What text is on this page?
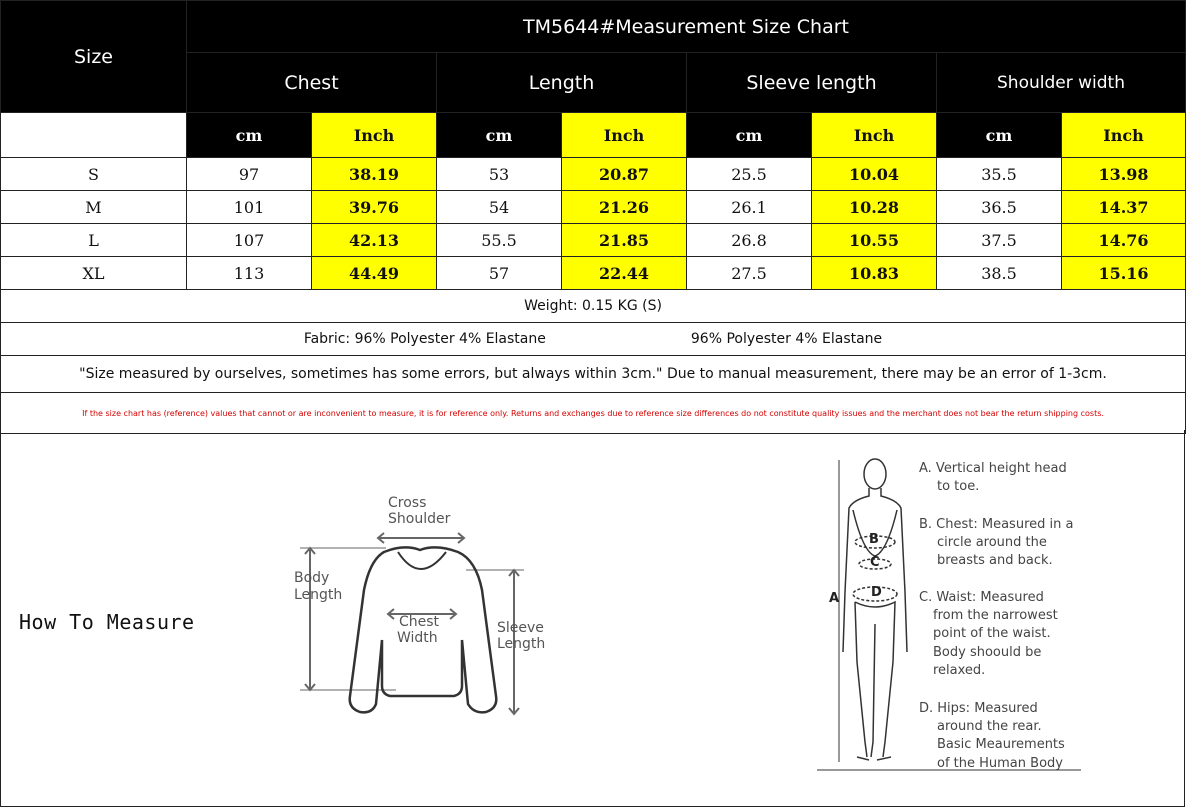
Size	TM5644#Measurement Size Chart							
	Chest		Length		Sleeve length		Shoulder width	
	cm	Inch	cm	Inch	cm	Inch	cm	Inch
S	97	38.19	53	20.87	25.5	10.04	35.5	13.98
M	101	39.76	54	21.26	26.1	10.28	36.5	14.37
L	107	42.13	55.5	21.85	26.8	10.55	37.5	14.76
XL	113	44.49	57	22.44	27.5	10.83	38.5	15.16
Weight: 0.15 KG (S)								

Fabric: 96% Polyester 4% Elastane 96% Polyester 4% Elastane								

"Size measured by ourselves, sometimes has some errors, but always within 3cm." Due to manual measurement, there may be an error of 1-3cm.								
If the size chart has (reference) values that cannot or are inconvenient to measure, it is for reference only. Returns and exchanges due to reference size differences do not constitute quality issues and the merchant does not bear the return shipping costs.								
How To Measure
Cross
Shoulder
Body
Length
Chest
Width
Sleeve
Length
B
C
D
A
A. Vertical height head
to toe.
B. Chest: Measured in a
circle around the
breasts and back.
C. Waist: Measured
from the narrowest
point of the waist.
Body shoould be
relaxed.
D. Hips: Measured
around the rear.
Basic Meaurements
of the Human Body
